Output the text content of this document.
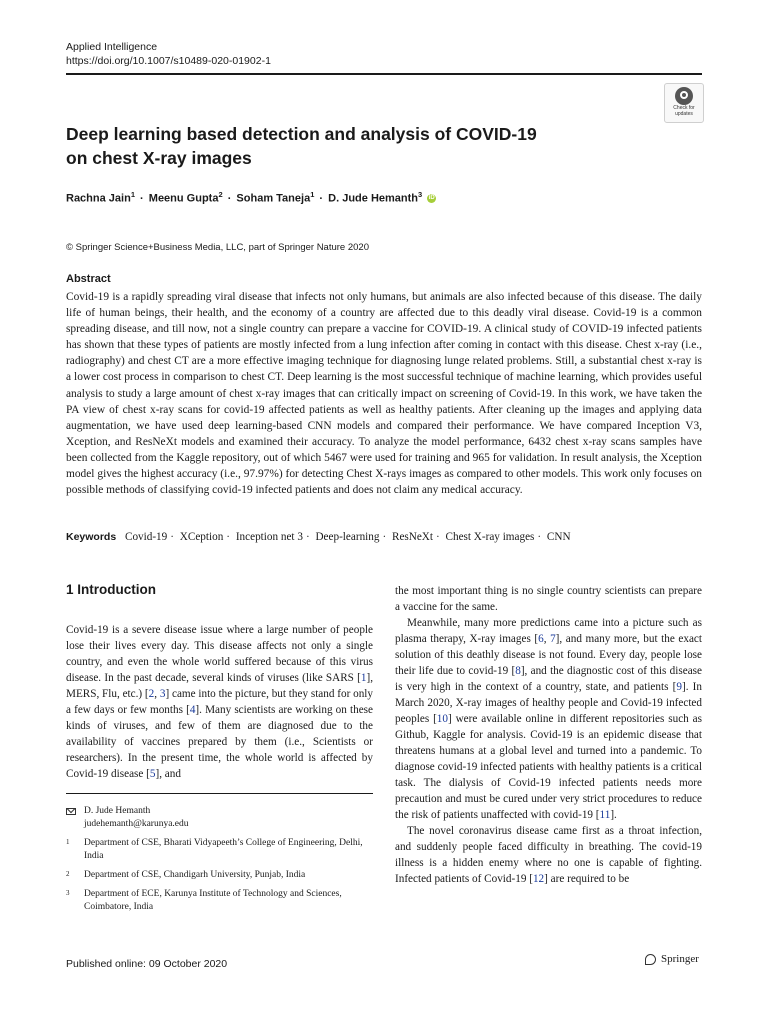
Applied Intelligence
https://doi.org/10.1007/s10489-020-01902-1
Check for updates
Deep learning based detection and analysis of COVID-19
on chest X-ray images
Rachna Jain$^1$ · Meenu Gupta$^2$ · Soham Taneja$^1$ · D. Jude Hemanth$^3$ iD
© Springer Science+Business Media, LLC, part of Springer Nature 2020
Abstract

Covid-19 is a rapidly spreading viral disease that infects not only humans, but animals are also infected because of this disease. The daily life of human beings, their health, and the economy of a country are affected due to this deadly viral disease. Covid-19 is a common spreading disease, and till now, not a single country can prepare a vaccine for COVID-19. A clinical study of COVID-19 infected patients has shown that these types of patients are mostly infected from a lung infection after coming in contact with this disease. Chest x-ray (i.e., radiography) and chest CT are a more effective imaging technique for diagnosing lunge related problems. Still, a substantial chest x-ray is a lower cost process in comparison to chest CT. Deep learning is the most successful technique of machine learning, which provides useful analysis to study a large amount of chest x-ray images that can critically impact on screening of Covid-19. In this work, we have taken the PA view of chest x-ray scans for covid-19 affected patients as well as healthy patients. After cleaning up the images and applying data augmentation, we have used deep learning-based CNN models and compared their performance. We have compared Inception V3, Xception, and ResNeXt models and examined their accuracy. To analyze the model performance, 6432 chest x-ray scans samples have been collected from the Kaggle repository, out of which 5467 were used for training and 965 for validation. In result analysis, the Xception model gives the highest accuracy (i.e., 97.97%) for detecting Chest X-rays images as compared to other models. This work only focuses on possible methods of classifying covid-19 infected patients and does not claim any medical accuracy.

Keywords Covid-19 · XCeption · Inception net 3 · Deep-learning · ResNeXt · Chest X-ray images · CNN
1 Introduction

Covid-19 is a severe disease issue where a large number of people lose their lives every day. This disease affects not only a single country, and even the whole world suffered because of this virus disease. In the past decade, several kinds of viruses (like SARS [1], MERS, Flu, etc.) [2, 3] came into the picture, but they stand for only a few days or few months [4]. Many scientists are working on these kinds of viruses, and few of them are diagnosed due to the availability of vaccines prepared by them (i.e., Scientists or researchers). In the present time, the whole world is affected by Covid-19 disease [5], and

D. Jude Hemanth
judehemanth@karunya.edu
1	Department of CSE, Bharati Vidyapeeth’s College of Engineering, Delhi, India
2	Department of CSE, Chandigarh University, Punjab, India
3	Department of ECE, Karunya Institute of Technology and Sciences, Coimbatore, India

the most important thing is no single country scientists can prepare a vaccine for the same.

Meanwhile, many more predictions came into a picture such as plasma therapy, X-ray images [6, 7], and many more, but the exact solution of this deathly disease is not found. Every day, people lose their life due to covid-19 [8], and the diagnostic cost of this disease is very high in the context of a country, state, and patients [9]. In March 2020, X-ray images of healthy people and Covid-19 infected peoples [10] were available online in different repositories such as Github, Kaggle for analysis. Covid-19 is an epidemic disease that threatens humans at a global level and turned into a pandemic. To diagnose covid-19 infected patients with healthy patients is a critical task. The dialysis of Covid-19 infected patients needs more precaution and must be cured under very strict procedures to reduce the risk of patients unaffected with covid-19 [11].

The novel coronavirus disease came first as a throat infection, and suddenly people faced difficulty in breathing. The covid-19 illness is a hidden enemy where no one is capable of fighting. Infected patients of Covid-19 [12] are required to be

Published online: 09 October 2020	Springer
